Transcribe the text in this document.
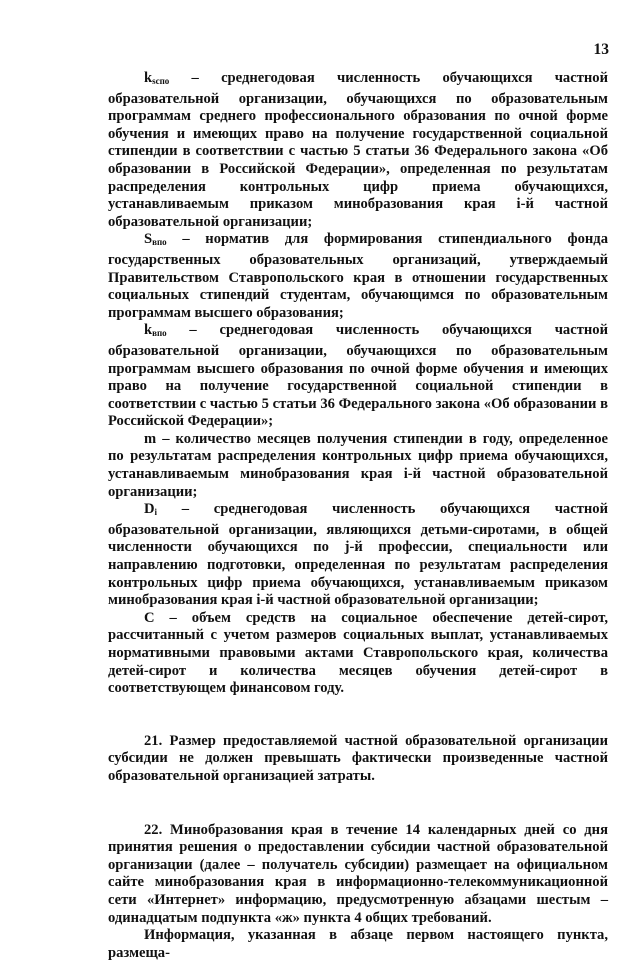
13

$k_{scпо}$ – среднегодовая численность обучающихся частной образовательной организации, обучающихся по образовательным программам среднего профессионального образования по очной форме обучения и имеющих право на получение государственной социальной стипендии в соответствии с частью 5 статьи 36 Федерального закона «Об образовании в Российской Федерации», определенная по результатам распределения контрольных цифр приема обучающихся, устанавливаемым приказом минобразования края i-й частной образовательной организации;

$S_{впо}$ – норматив для формирования стипендиального фонда государственных образовательных организаций, утверждаемый Правительством Ставропольского края в отношении государственных социальных стипендий студентам, обучающимся по образовательным программам высшего образования;

$k_{впо}$ – среднегодовая численность обучающихся частной образовательной организации, обучающихся по образовательным программам высшего образования по очной форме обучения и имеющих право на получение государственной социальной стипендии в соответствии с частью 5 статьи 36 Федерального закона «Об образовании в Российской Федерации»;

m – количество месяцев получения стипендии в году, определенное по результатам распределения контрольных цифр приема обучающихся, устанавливаемым минобразования края i-й частной образовательной организации;

$D_i$ – среднегодовая численность обучающихся частной образовательной организации, являющихся детьми-сиротами, в общей численности обучающихся по j-й профессии, специальности или направлению подготовки, определенная по результатам распределения контрольных цифр приема обучающихся, устанавливаемым приказом минобразования края i-й частной образовательной организации;

C – объем средств на социальное обеспечение детей-сирот, рассчитанный с учетом размеров социальных выплат, устанавливаемых нормативными правовыми актами Ставропольского края, количества детей-сирот и количества месяцев обучения детей-сирот в соответствующем финансовом году.

21. Размер предоставляемой частной образовательной организации субсидии не должен превышать фактически произведенные частной образовательной организацией затраты.

22. Минобразования края в течение 14 календарных дней со дня принятия решения о предоставлении субсидии частной образовательной организации (далее – получатель субсидии) размещает на официальном сайте минобразования края в информационно-телекоммуникационной сети «Интернет» информацию, предусмотренную абзацами шестым – одинадцатым подпункта «ж» пункта 4 общих требований.

Информация, указанная в абзаце первом настоящего пункта, размеща-
